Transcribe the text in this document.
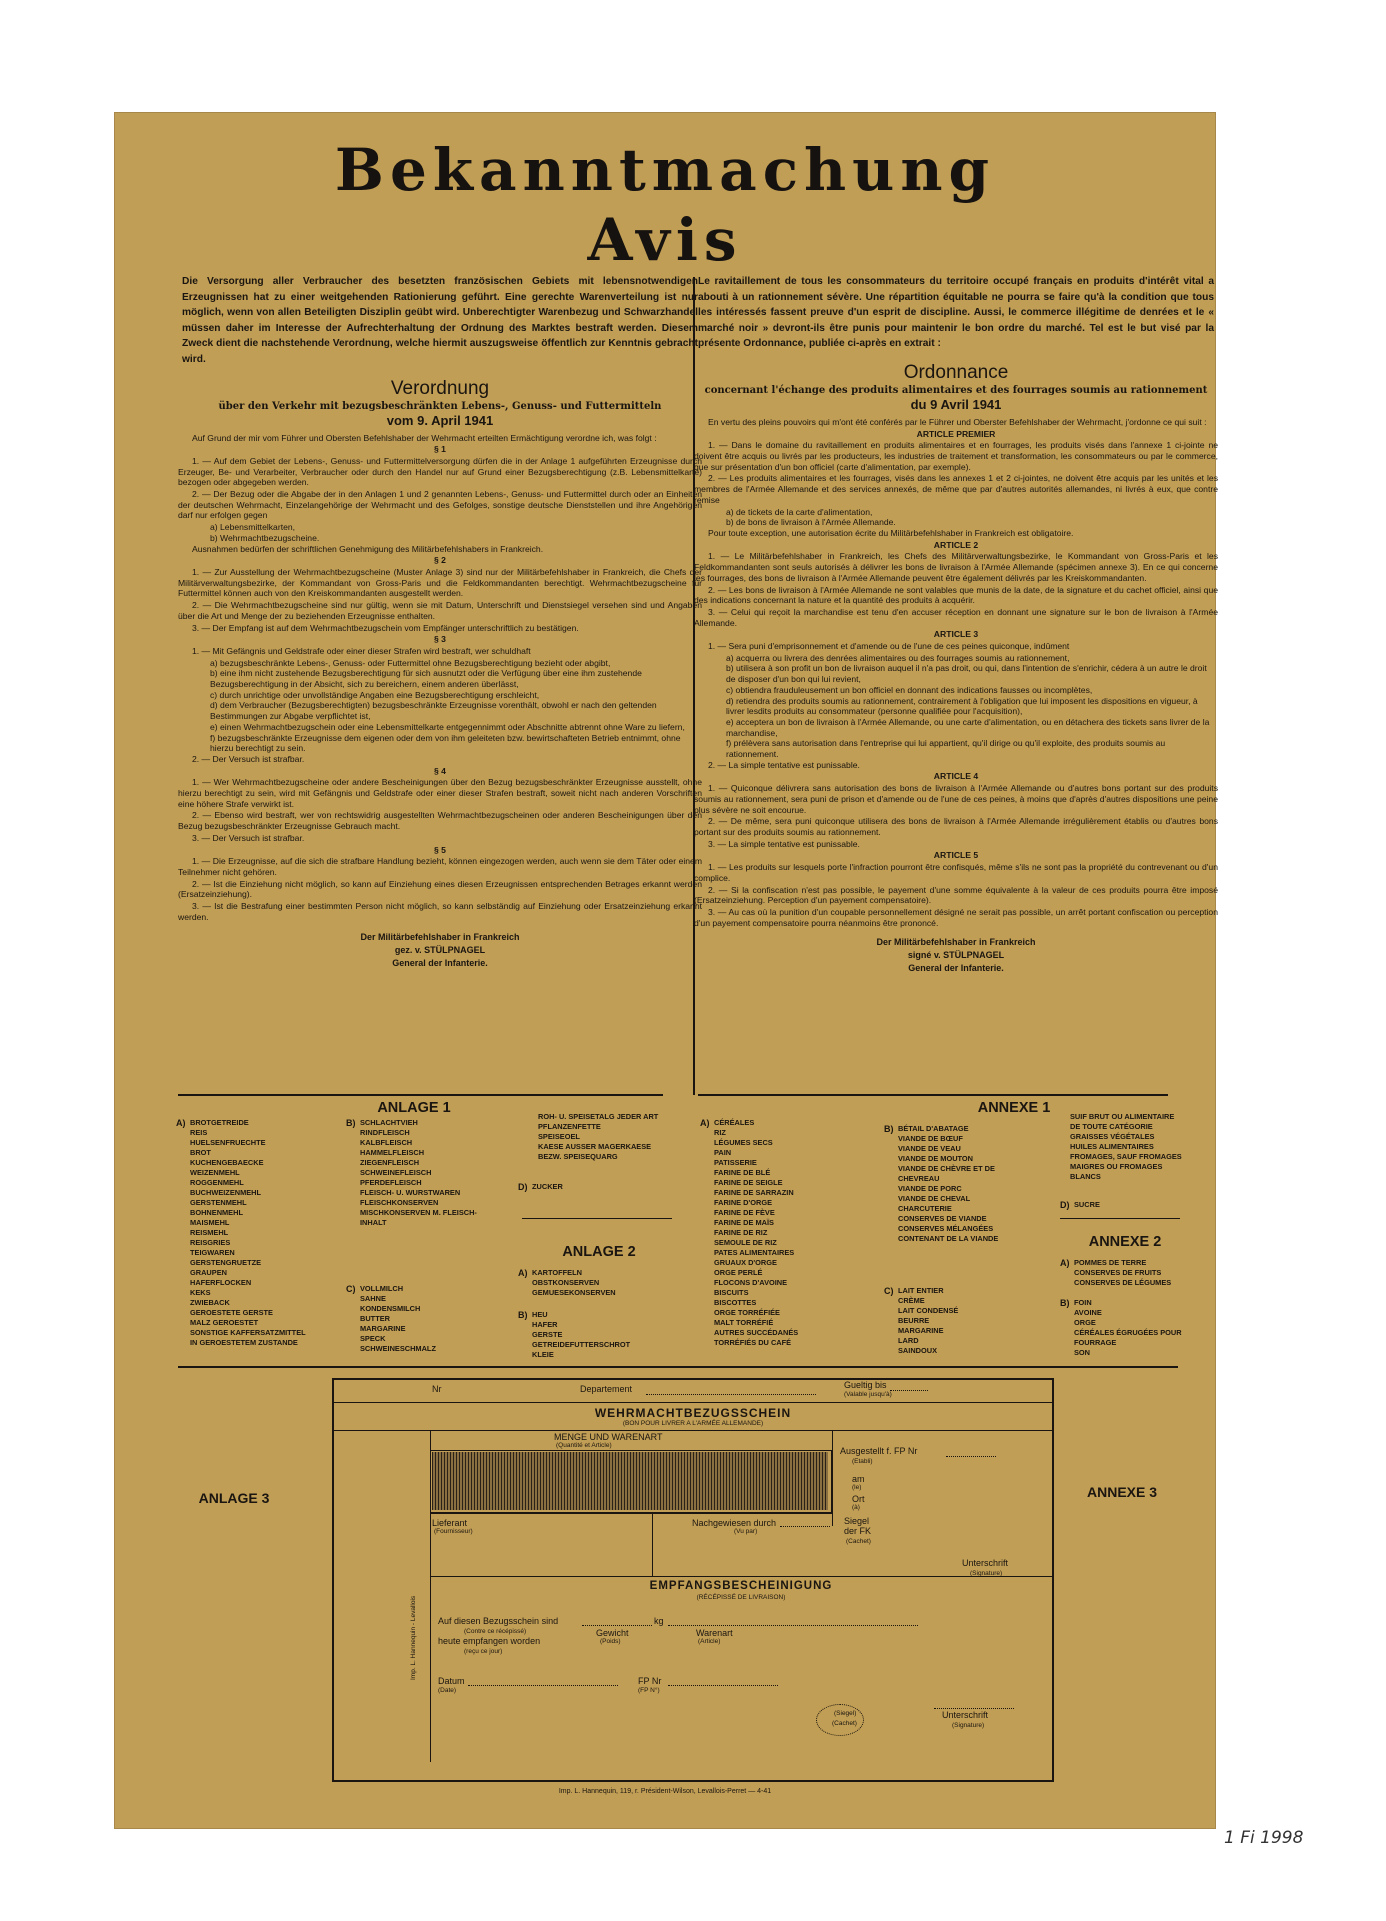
Bekanntmachung
Avis
Die Versorgung aller Verbraucher des besetzten französischen Gebiets mit lebensnotwendigen Erzeugnissen hat zu einer weitgehenden Rationierung geführt. Eine gerechte Warenverteilung ist nur möglich, wenn von allen Beteiligten Disziplin geübt wird. Unberechtigter Warenbezug und Schwarzhandel müssen daher im Interesse der Aufrechterhaltung der Ordnung des Marktes bestraft werden. Diesem Zweck dient die nachstehende Verordnung, welche hiermit auszugsweise öffentlich zur Kenntnis gebracht wird.
Verordnung
über den Verkehr mit bezugsbeschränkten Lebens-, Genuss- und Futtermitteln
vom 9. April 1941

Auf Grund der mir vom Führer und Obersten Befehlshaber der Wehrmacht erteilten Ermächtigung verordne ich, was folgt :

§ 1

1. — Auf dem Gebiet der Lebens-, Genuss- und Futtermittelversorgung dürfen die in der Anlage 1 aufgeführten Erzeugnisse durch Erzeuger, Be- und Verarbeiter, Verbraucher oder durch den Handel nur auf Grund einer Bezugsberechtigung (z.B. Lebensmittelkarte) bezogen oder abgegeben werden.

2. — Der Bezug oder die Abgabe der in den Anlagen 1 und 2 genannten Lebens-, Genuss- und Futtermittel durch oder an Einheiten der deutschen Wehrmacht, Einzelangehörige der Wehrmacht und des Gefolges, sonstige deutsche Dienststellen und ihre Angehörigen darf nur erfolgen gegen

a) Lebensmittelkarten,

b) Wehrmachtbezugscheine.

Ausnahmen bedürfen der schriftlichen Genehmigung des Militärbefehlshabers in Frankreich.

§ 2

1. — Zur Ausstellung der Wehrmachtbezugscheine (Muster Anlage 3) sind nur der Militärbefehlshaber in Frankreich, die Chefs der Militärverwaltungsbezirke, der Kommandant von Gross-Paris und die Feldkommandanten berechtigt. Wehrmachtbezugscheine für Futtermittel können auch von den Kreiskommandanten ausgestellt werden.

2. — Die Wehrmachtbezugscheine sind nur gültig, wenn sie mit Datum, Unterschrift und Dienstsiegel versehen sind und Angaben über die Art und Menge der zu beziehenden Erzeugnisse enthalten.

3. — Der Empfang ist auf dem Wehrmachtbezugschein vom Empfänger unterschriftlich zu bestätigen.

§ 3

1. — Mit Gefängnis und Geldstrafe oder einer dieser Strafen wird bestraft, wer schuldhaft

a) bezugsbeschränkte Lebens-, Genuss- oder Futtermittel ohne Bezugsberechtigung bezieht oder abgibt,

b) eine ihm nicht zustehende Bezugsberechtigung für sich ausnutzt oder die Verfügung über eine ihm zustehende Bezugsberechtigung in der Absicht, sich zu bereichern, einem anderen überlässt,

c) durch unrichtige oder unvollständige Angaben eine Bezugsberechtigung erschleicht,

d) dem Verbraucher (Bezugsberechtigten) bezugsbeschränkte Erzeugnisse vorenthält, obwohl er nach den geltenden Bestimmungen zur Abgabe verpflichtet ist,

e) einen Wehrmachtbezugschein oder eine Lebensmittelkarte entgegennimmt oder Abschnitte abtrennt ohne Ware zu liefern,

f) bezugsbeschränkte Erzeugnisse dem eigenen oder dem von ihm geleiteten bzw. bewirtschafteten Betrieb entnimmt, ohne hierzu berechtigt zu sein.

2. — Der Versuch ist strafbar.

§ 4

1. — Wer Wehrmachtbezugscheine oder andere Bescheinigungen über den Bezug bezugsbeschränkter Erzeugnisse ausstellt, ohne hierzu berechtigt zu sein, wird mit Gefängnis und Geldstrafe oder einer dieser Strafen bestraft, soweit nicht nach anderen Vorschriften eine höhere Strafe verwirkt ist.

2. — Ebenso wird bestraft, wer von rechtswidrig ausgestellten Wehrmachtbezugscheinen oder anderen Bescheinigungen über den Bezug bezugsbeschränkter Erzeugnisse Gebrauch macht.

3. — Der Versuch ist strafbar.

§ 5

1. — Die Erzeugnisse, auf die sich die strafbare Handlung bezieht, können eingezogen werden, auch wenn sie dem Täter oder einem Teilnehmer nicht gehören.

2. — Ist die Einziehung nicht möglich, so kann auf Einziehung eines diesen Erzeugnissen entsprechenden Betrages erkannt werden (Ersatzeinziehung).

3. — Ist die Bestrafung einer bestimmten Person nicht möglich, so kann selbständig auf Einziehung oder Ersatzeinziehung erkannt werden.

Der Militärbefehlshaber in Frankreich
gez. v. STÜLPNAGEL
General der Infanterie.
Le ravitaillement de tous les consommateurs du territoire occupé français en produits d'intérêt vital a abouti à un rationnement sévère. Une répartition équitable ne pourra se faire qu'à la condition que tous les intéressés fassent preuve d'un esprit de discipline. Aussi, le commerce illégitime de denrées et le « marché noir » devront-ils être punis pour maintenir le bon ordre du marché. Tel est le but visé par la présente Ordonnance, publiée ci-après en extrait :
Ordonnance
concernant l'échange des produits alimentaires et des fourrages soumis au rationnement
du 9 Avril 1941

En vertu des pleins pouvoirs qui m'ont été conférés par le Führer und Oberster Befehlshaber der Wehrmacht, j'ordonne ce qui suit :

ARTICLE PREMIER

1. — Dans le domaine du ravitaillement en produits alimentaires et en fourrages, les produits visés dans l'annexe 1 ci-jointe ne doivent être acquis ou livrés par les producteurs, les industries de traitement et transformation, les consommateurs ou par le commerce, que sur présentation d'un bon officiel (carte d'alimentation, par exemple).

2. — Les produits alimentaires et les fourrages, visés dans les annexes 1 et 2 ci-jointes, ne doivent être acquis par les unités et les membres de l'Armée Allemande et des services annexés, de même que par d'autres autorités allemandes, ni livrés à eux, que contre remise

a) de tickets de la carte d'alimentation,

b) de bons de livraison à l'Armée Allemande.

Pour toute exception, une autorisation écrite du Militärbefehlshaber in Frankreich est obligatoire.

ARTICLE 2

1. — Le Militärbefehlshaber in Frankreich, les Chefs des Militärverwaltungsbezirke, le Kommandant von Gross-Paris et les Feldkommandanten sont seuls autorisés à délivrer les bons de livraison à l'Armée Allemande (spécimen annexe 3). En ce qui concerne les fourrages, des bons de livraison à l'Armée Allemande peuvent être également délivrés par les Kreiskommandanten.

2. — Les bons de livraison à l'Armée Allemande ne sont valables que munis de la date, de la signature et du cachet officiel, ainsi que des indications concernant la nature et la quantité des produits à acquérir.

3. — Celui qui reçoit la marchandise est tenu d'en accuser réception en donnant une signature sur le bon de livraison à l'Armée Allemande.

ARTICLE 3

1. — Sera puni d'emprisonnement et d'amende ou de l'une de ces peines quiconque, indûment

a) acquerra ou livrera des denrées alimentaires ou des fourrages soumis au rationnement,

b) utilisera à son profit un bon de livraison auquel il n'a pas droit, ou qui, dans l'intention de s'enrichir, cédera à un autre le droit de disposer d'un bon qui lui revient,

c) obtiendra frauduleusement un bon officiel en donnant des indications fausses ou incomplètes,

d) retiendra des produits soumis au rationnement, contrairement à l'obligation que lui imposent les dispositions en vigueur, à livrer lesdits produits au consommateur (personne qualifiée pour l'acquisition),

e) acceptera un bon de livraison à l'Armée Allemande, ou une carte d'alimentation, ou en détachera des tickets sans livrer de la marchandise,

f) prélèvera sans autorisation dans l'entreprise qui lui appartient, qu'il dirige ou qu'il exploite, des produits soumis au rationnement.

2. — La simple tentative est punissable.

ARTICLE 4

1. — Quiconque délivrera sans autorisation des bons de livraison à l'Armée Allemande ou d'autres bons portant sur des produits soumis au rationnement, sera puni de prison et d'amende ou de l'une de ces peines, à moins que d'après d'autres dispositions une peine plus sévère ne soit encourue.

2. — De même, sera puni quiconque utilisera des bons de livraison à l'Armée Allemande irrégulièrement établis ou d'autres bons portant sur des produits soumis au rationnement.

3. — La simple tentative est punissable.

ARTICLE 5

1. — Les produits sur lesquels porte l'infraction pourront être confisqués, même s'ils ne sont pas la propriété du contrevenant ou d'un complice.

2. — Si la confiscation n'est pas possible, le payement d'une somme équivalente à la valeur de ces produits pourra être imposé (Ersatzeinziehung. Perception d'un payement compensatoire).

3. — Au cas où la punition d'un coupable personnellement désigné ne serait pas possible, un arrêt portant confiscation ou perception d'un payement compensatoire pourra néanmoins être prononcé.

Der Militärbefehlshaber in Frankreich
signé v. STÜLPNAGEL
General der Infanterie.
ANLAGE 1
A) BROTGETREIDE
REIS
HUELSENFRUECHTE
BROT
KUCHENGEBAECKE
WEIZENMEHL
ROGGENMEHL
BUCHWEIZENMEHL
GERSTENMEHL
BOHNENMEHL
MAISMEHL
REISMEHL
REISGRIES
TEIGWAREN
GERSTENGRUETZE
GRAUPEN
HAFERFLOCKEN
KEKS
ZWIEBACK
GEROESTETE GERSTE
MALZ GEROESTET
SONSTIGE KAFFERSATZMITTEL
IN GEROESTETEM ZUSTANDE
B) SCHLACHTVIEH
RINDFLEISCH
KALBFLEISCH
HAMMELFLEISCH
ZIEGENFLEISCH
SCHWEINEFLEISCH
PFERDEFLEISCH
FLEISCH- U. WURSTWAREN
FLEISCHKONSERVEN
MISCHKONSERVEN M. FLEISCH-
INHALT
C) VOLLMILCH
SAHNE
KONDENSMILCH
BUTTER
MARGARINE
SPECK
SCHWEINESCHMALZ
ROH- U. SPEISETALG JEDER ART
PFLANZENFETTE
SPEISEOEL
KAESE AUSSER MAGERKAESE
BEZW. SPEISEQUARG
D) ZUCKER
ANLAGE 2
A) KARTOFFELN
OBSTKONSERVEN
GEMUESEKONSERVEN
B) HEU
HAFER
GERSTE
GETREIDEFUTTERSCHROT
KLEIE
ANNEXE 1
A) CÉRÉALES
RIZ
LÉGUMES SECS
PAIN
PATISSERIE
FARINE DE BLÉ
FARINE DE SEIGLE
FARINE DE SARRAZIN
FARINE D'ORGE
FARINE DE FÈVE
FARINE DE MAÏS
FARINE DE RIZ
SEMOULE DE RIZ
PATES ALIMENTAIRES
GRUAUX D'ORGE
ORGE PERLÉ
FLOCONS D'AVOINE
BISCUITS
BISCOTTES
ORGE TORRÉFIÉE
MALT TORRÉFIÉ
AUTRES SUCCÉDANÉS
TORRÉFIÉS DU CAFÉ
B) BÉTAIL D'ABATAGE
VIANDE DE BŒUF
VIANDE DE VEAU
VIANDE DE MOUTON
VIANDE DE CHÈVRE ET DE
CHEVREAU
VIANDE DE PORC
VIANDE DE CHEVAL
CHARCUTERIE
CONSERVES DE VIANDE
CONSERVES MÉLANGÉES
CONTENANT DE LA VIANDE
C) LAIT ENTIER
CRÈME
LAIT CONDENSÉ
BEURRE
MARGARINE
LARD
SAINDOUX
SUIF BRUT OU ALIMENTAIRE
DE TOUTE CATÉGORIE
GRAISSES VÉGÉTALES
HUILES ALIMENTAIRES
FROMAGES, SAUF FROMAGES
MAIGRES OU FROMAGES
BLANCS
D) SUCRE
ANNEXE 2
A) POMMES DE TERRE
CONSERVES DE FRUITS
CONSERVES DE LÉGUMES
B) FOIN
AVOINE
ORGE
CÉRÉALES ÉGRUGÉES POUR
FOURRAGE
SON
ANLAGE 3	ANNEXE 3
Nr	Departement	Gueltig bis
(Valable jusqu'à)
WEHRMACHTBEZUGSSCHEIN
(BON POUR LIVRER A L'ARMÉE ALLEMANDE)
MENGE UND WARENART
(Quantité et Article)
Ausgestellt f. FP Nr
(Etabli)
am
(le)
Ort
(à)
Siegel der FK
(Cachet)
Lieferant
(Fournisseur)
Nachgewiesen durch
(Vu par)
Unterschrift
(Signature)
EMPFANGSBESCHEINIGUNG
(RÉCÉPISSÉ DE LIVRAISON)
Auf diesen Bezugsschein sind	kg
(Contre ce récépissé)
heute empfangen worden
(reçu ce jour)
Gewicht
(Poids)
Warenart
(Article)
Datum
(Date)
FP Nr
(FP N°)
(Siegel)
(Cachet)
Unterschrift
(Signature)
Imp. L. Hannequin - Levallois
Imp. L. Hannequin, 119, r. Président-Wilson, Levallois-Perret — 4-41
1 Fi 1998
